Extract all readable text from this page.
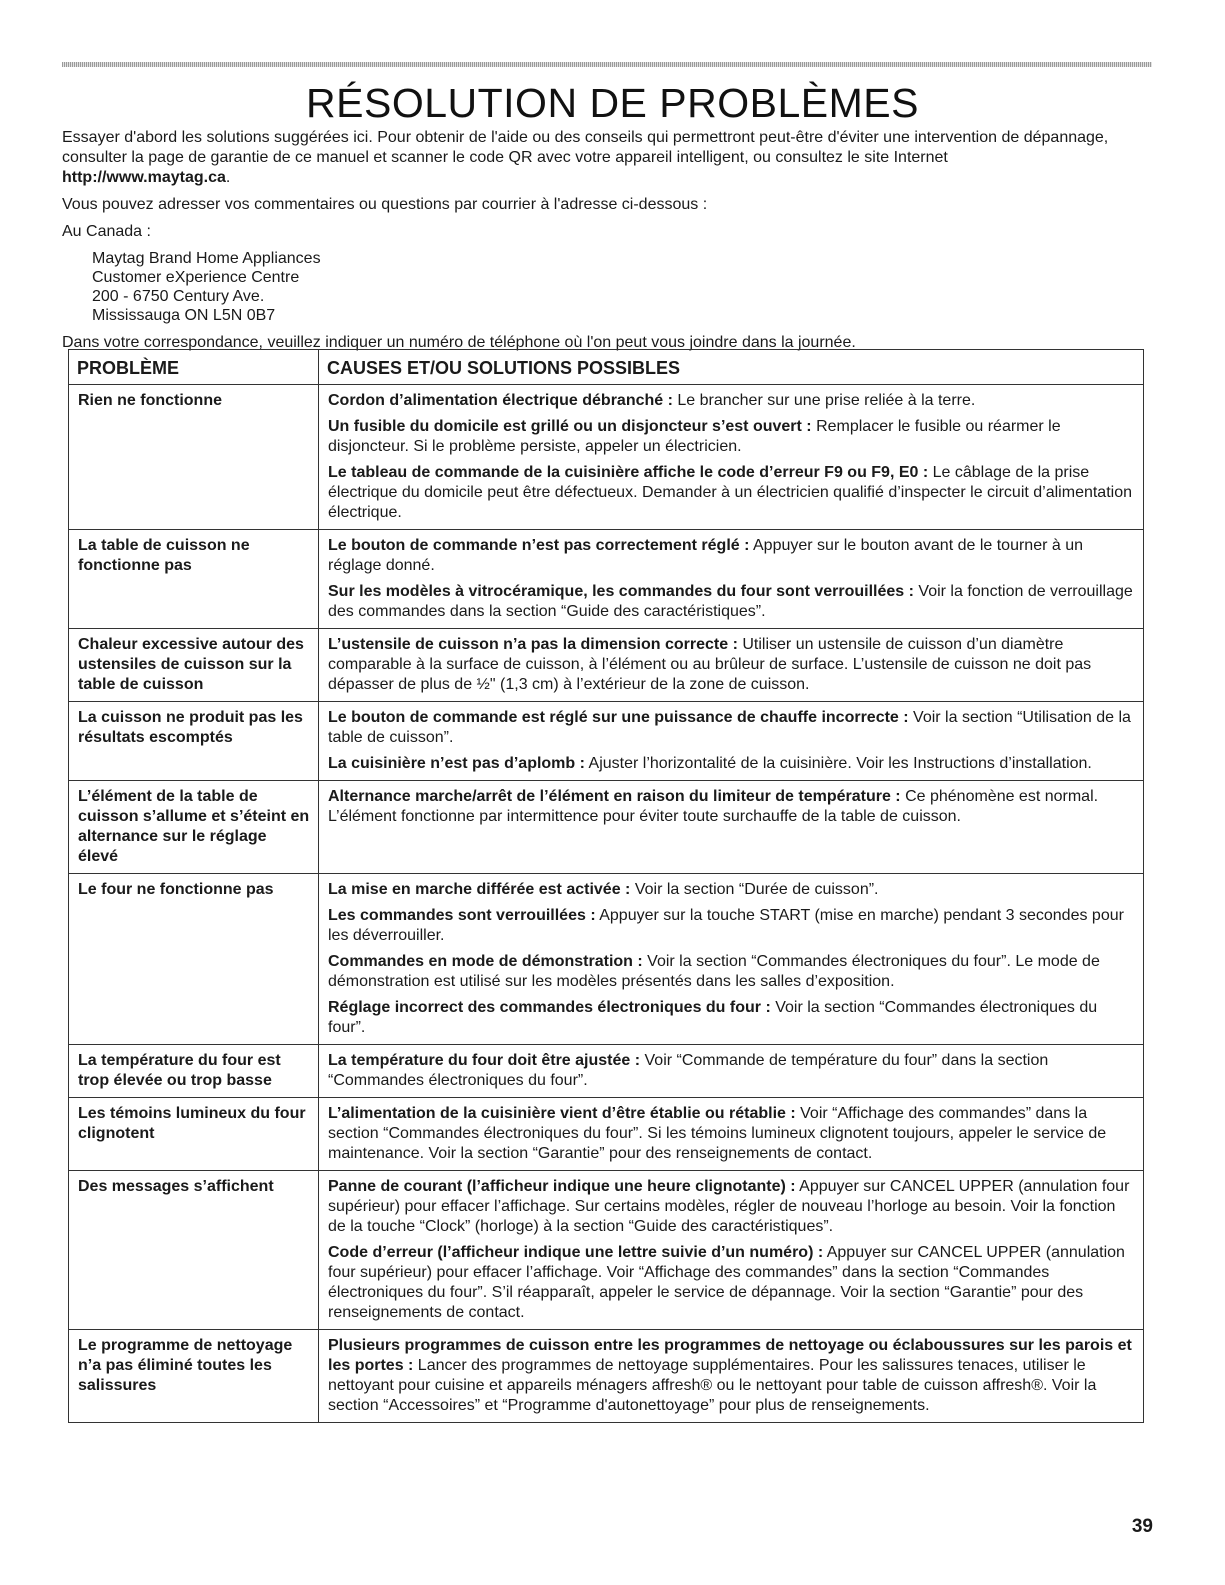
RÉSOLUTION DE PROBLÈMES

Essayer d'abord les solutions suggérées ici. Pour obtenir de l'aide ou des conseils qui permettront peut-être d'éviter une intervention de dépannage, consulter la page de garantie de ce manuel et scanner le code QR avec votre appareil intelligent, ou consultez le site Internet
http://www.maytag.ca.

Vous pouvez adresser vos commentaires ou questions par courrier à l'adresse ci-dessous :

Au Canada :

Maytag Brand Home Appliances
Customer eXperience Centre
200 - 6750 Century Ave.
Mississauga ON L5N 0B7

Dans votre correspondance, veuillez indiquer un numéro de téléphone où l'on peut vous joindre dans la journée.

PROBLÈME	CAUSES ET/OU SOLUTIONS POSSIBLES
Rien ne fonctionne	Cordon d’alimentation électrique débranché : Le brancher sur une prise reliée à la terre.

Un fusible du domicile est grillé ou un disjoncteur s’est ouvert : Remplacer le fusible ou réarmer le disjoncteur. Si le problème persiste, appeler un électricien.

Le tableau de commande de la cuisinière affiche le code d’erreur F9 ou F9, E0 : Le câblage de la prise électrique du domicile peut être défectueux. Demander à un électricien qualifié d’inspecter le circuit d’alimentation électrique.

La table de cuisson ne fonctionne pas	Le bouton de commande n’est pas correctement réglé : Appuyer sur le bouton avant de le tourner à un réglage donné.

Sur les modèles à vitrocéramique, les commandes du four sont verrouillées : Voir la fonction de verrouillage des commandes dans la section “Guide des caractéristiques”.

Chaleur excessive autour des ustensiles de cuisson sur la table de cuisson	L’ustensile de cuisson n’a pas la dimension correcte : Utiliser un ustensile de cuisson d’un diamètre comparable à la surface de cuisson, à l’élément ou au brûleur de surface. L’ustensile de cuisson ne doit pas dépasser de plus de ½" (1,3 cm) à l’extérieur de la zone de cuisson.

La cuisson ne produit pas les résultats escomptés	Le bouton de commande est réglé sur une puissance de chauffe incorrecte : Voir la section “Utilisation de la table de cuisson”.

La cuisinière n’est pas d’aplomb : Ajuster l’horizontalité de la cuisinière. Voir les Instructions d’installation.

L’élément de la table de cuisson s’allume et s’éteint en alternance sur le réglage élevé	Alternance marche/arrêt de l’élément en raison du limiteur de température : Ce phénomène est normal. L’élément fonctionne par intermittence pour éviter toute surchauffe de la table de cuisson.

Le four ne fonctionne pas	La mise en marche différée est activée : Voir la section “Durée de cuisson”.

Les commandes sont verrouillées : Appuyer sur la touche START (mise en marche) pendant 3 secondes pour les déverrouiller.

Commandes en mode de démonstration : Voir la section “Commandes électroniques du four”. Le mode de démonstration est utilisé sur les modèles présentés dans les salles d’exposition.

Réglage incorrect des commandes électroniques du four : Voir la section “Commandes électroniques du four”.

La température du four est trop élevée ou trop basse	La température du four doit être ajustée : Voir “Commande de température du four” dans la section “Commandes électroniques du four”.

Les témoins lumineux du four clignotent	L’alimentation de la cuisinière vient d’être établie ou rétablie : Voir “Affichage des commandes” dans la section “Commandes électroniques du four”. Si les témoins lumineux clignotent toujours, appeler le service de maintenance. Voir la section “Garantie” pour des renseignements de contact.

Des messages s’affichent	Panne de courant (l’afficheur indique une heure clignotante) : Appuyer sur CANCEL UPPER (annulation four supérieur) pour effacer l’affichage. Sur certains modèles, régler de nouveau l’horloge au besoin. Voir la fonction de la touche “Clock” (horloge) à la section “Guide des caractéristiques”.

Code d’erreur (l’afficheur indique une lettre suivie d’un numéro) : Appuyer sur CANCEL UPPER (annulation four supérieur) pour effacer l’affichage. Voir “Affichage des commandes” dans la section “Commandes électroniques du four”. S’il réapparaît, appeler le service de dépannage. Voir la section “Garantie” pour des renseignements de contact.

Le programme de nettoyage n’a pas éliminé toutes les salissures	Plusieurs programmes de cuisson entre les programmes de nettoyage ou éclaboussures sur les parois et les portes : Lancer des programmes de nettoyage supplémentaires. Pour les salissures tenaces, utiliser le nettoyant pour cuisine et appareils ménagers affresh® ou le nettoyant pour table de cuisson affresh®. Voir la section “Accessoires” et “Programme d'autonettoyage” pour plus de renseignements.

39
